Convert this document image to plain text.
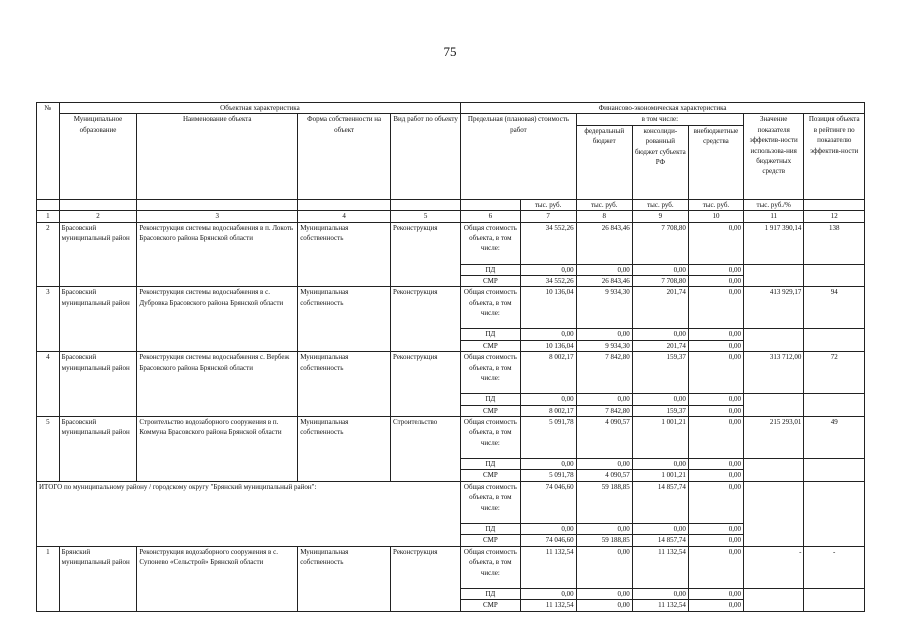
75
№	Объектная характеристика				Финансово-экономическая характеристика						
	Муниципальное образование	Наименование объекта	Форма собственности на объект	Вид работ по объекту	Предельная (плановая) стоимость работ		в том числе:			Значение показателя эффектив-ности использова-ния бюджетных средств	Позиция объекта в рейтинге по показателю эффектив-ности
							федеральный бюджет	консолиди-рованный бюджет субъекта РФ	внебюджетные средства		
						тыс. руб.	тыс. руб.	тыс. руб.	тыс. руб.	тыс. руб./%	
1	2	3	4	5	6	7	8	9	10	11	12
2	Брасовский муниципальный район	Реконструкция системы водоснабжения в п. Локоть Брасовского района Брянской области	Муниципальная собственность	Реконструкция	Общая стоимость объекта, в том числе:	34 552,26	26 843,46	7 708,80	0,00	1 917 390,14	138
					ПД	0,00	0,00	0,00	0,00		
					СМР	34 552,26	26 843,46	7 708,80	0,00		
3	Брасовский муниципальный район	Реконструкция системы водоснабжения в с. Дубровка Брасовского района Брянской области	Муниципальная собственность	Реконструкция	Общая стоимость объекта, в том числе:	10 136,04	9 934,30	201,74	0,00	413 929,17	94
					ПД	0,00	0,00	0,00	0,00		
					СМР	10 136,04	9 934,30	201,74	0,00		
4	Брасовский муниципальный район	Реконструкция системы водоснабжения с. Вербеж Брасовского района Брянской области	Муниципальная собственность	Реконструкция	Общая стоимость объекта, в том числе:	8 002,17	7 842,80	159,37	0,00	313 712,00	72
					ПД	0,00	0,00	0,00	0,00		
					СМР	8 002,17	7 842,80	159,37	0,00		
5	Брасовский муниципальный район	Строительство водозаборного сооружения в п. Коммуна Брасовского района Брянской области	Муниципальная собственность	Строительство	Общая стоимость объекта, в том числе:	5 091,78	4 090,57	1 001,21	0,00	215 293,01	49
					ПД	0,00	0,00	0,00	0,00		
					СМР	5 091,78	4 090,57	1 001,21	0,00		
ИТОГО по муниципальному району / городскому округу "Брянский муниципальный район":					Общая стоимость объекта, в том числе:	74 046,60	59 188,85	14 857,74	0,00		
					ПД	0,00	0,00	0,00	0,00		
					СМР	74 046,60	59 188,85	14 857,74	0,00		
1	Брянский муниципальный район	Реконструкция водозаборного сооружения в с. Супонево «Сельстрой» Брянской области	Муниципальная собственность	Реконструкция	Общая стоимость объекта, в том числе:	11 132,54	0,00	11 132,54	0,00	-	-
					ПД	0,00	0,00	0,00	0,00		
					СМР	11 132,54	0,00	11 132,54	0,00		
